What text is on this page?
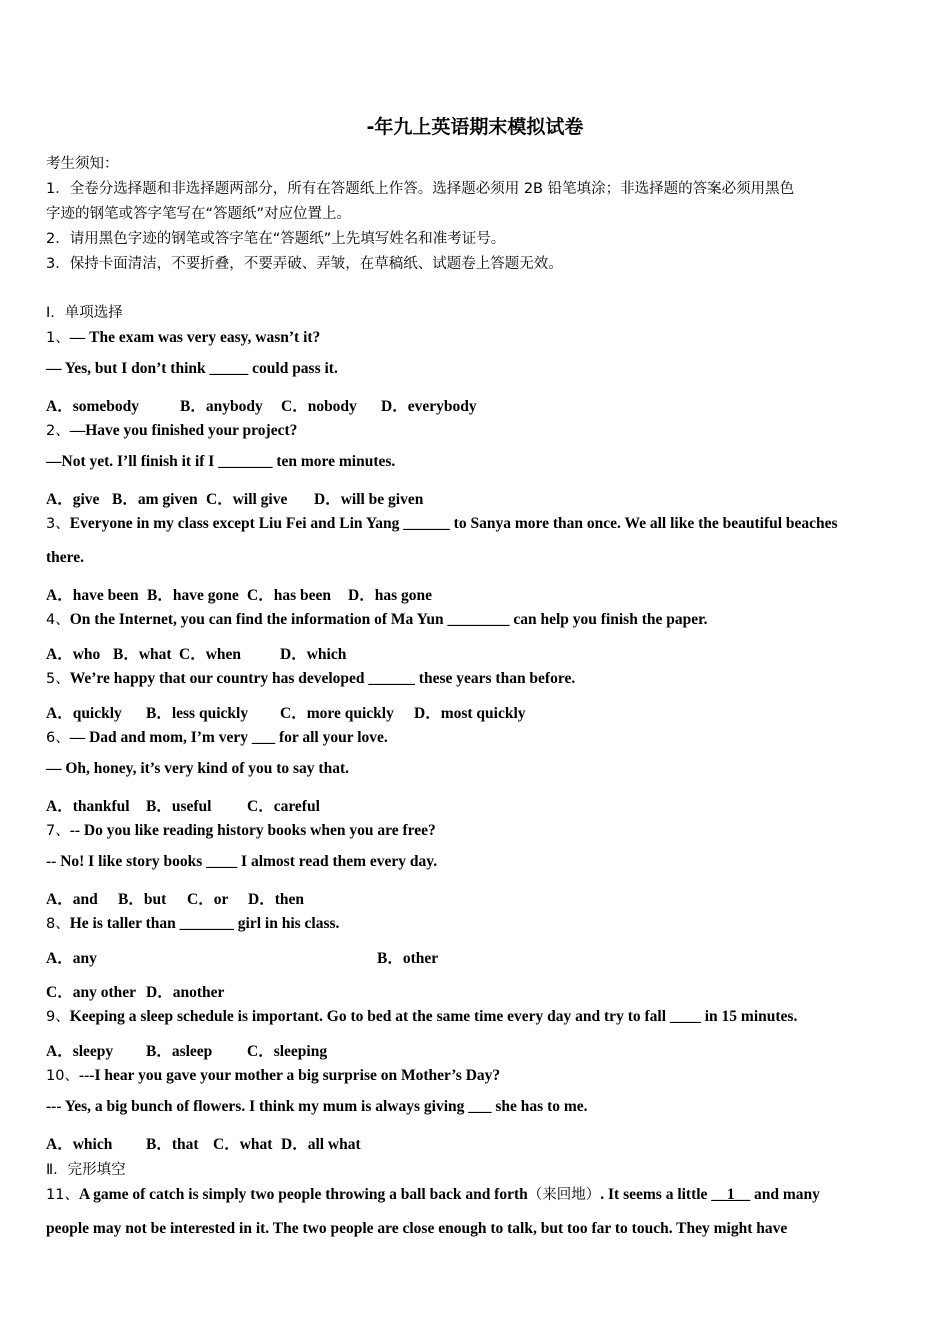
-年九上英语期末模拟试卷
考生须知：
1．全卷分选择题和非选择题两部分，所有在答题纸上作答。选择题必须用 2B 铅笔填涂；非选择题的答案必须用黑色
字迹的钢笔或答字笔写在“答题纸”对应位置上。
2．请用黑色字迹的钢笔或答字笔在“答题纸”上先填写姓名和准考证号。
3．保持卡面清洁，不要折叠，不要弄破、弄皱，在草稿纸、试题卷上答题无效。
Ⅰ．单项选择
1、— The exam was very easy, wasn’t it?
— Yes, but I don’t think _____ could pass it.
A．somebody	B．anybody C．nobody D．everybody
2、—Have you finished your project?
—Not yet. I’ll finish it if I _______ ten more minutes.
A．give B．am given C．will give D．will be given
3、Everyone in my class except Liu Fei and Lin Yang ______ to Sanya more than once. We all like the beautiful beaches
there.
A．have been B．have gone C．has been D．has gone
4、On the Internet, you can find the information of Ma Yun ________ can help you finish the paper.
A．who B．what C．when	D．which
5、We’re happy that our country has developed ______ these years than before.
A．quickly B．less quickly C．more quickly D．most quickly
6、— Dad and mom, I’m very ___ for all your love.
— Oh, honey, it’s very kind of you to say that.
A．thankful B．useful C．careful
7、-- Do you like reading history books when you are free?
-- No! I like story books ____ I almost read them every day.
A．and B．but C．or D．then
8、He is taller than _______ girl in his class.
A．any	B．other
C．any other D．another
9、Keeping a sleep schedule is important. Go to bed at the same time every day and try to fall ____ in 15 minutes.
A．sleepy B．asleep C．sleeping
10、---I hear you gave your mother a big surprise on Mother’s Day?
--- Yes, a big bunch of flowers. I think my mum is always giving ___ she has to me.
A．which B．that C．what D．all what
Ⅱ．完形填空
11、A game of catch is simply two people throwing a ball back and forth（来回地）. It seems a little __1__ and many
people may not be interested in it. The two people are close enough to talk, but too far to touch. They might have
